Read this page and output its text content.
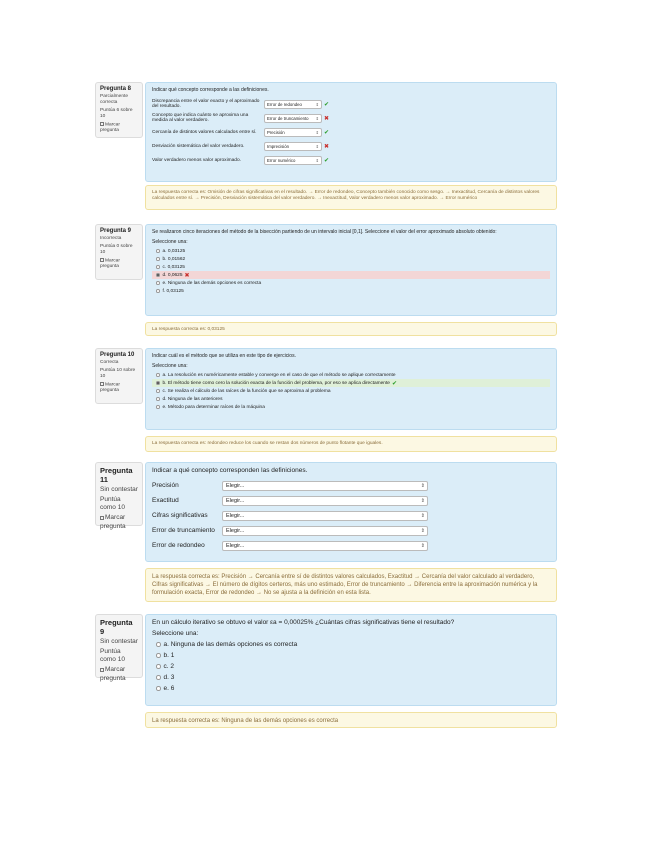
Pregunta 8
Parcialmente correcta
Puntúa 6 sobre 10
Marcar pregunta
Indicar qué concepto corresponde a las definiciones.
Discrepancia entre el valor exacto y el aproximado del resultado.	Error de redondeo	⇕ ✔
Concepto que indica cuánto se aproxima una medida al valor verdadero.	Error de truncamiento ⇕ ✖
Cercanía de distintos valores calculados entre sí.	Precisión	⇕ ✔
Desviación sistemática del valor verdadero.	Imprecisión	⇕ ✖
Valor verdadero menos valor aproximado.	Error numérico	⇕ ✔
La respuesta correcta es: Omisión de cifras significativas en el resultado. → Error de redondeo, Concepto también conocido como sesgo. → Inexactitud, Cercanía de distintos valores calculados entre sí. → Precisión, Desviación sistemática del valor verdadero. → Inexactitud, Valor verdadero menos valor aproximado. → Error numérico
Pregunta 9
Incorrecta
Puntúa 0 sobre 10
Marcar pregunta
Se realizaron cinco iteraciones del método de la bisección partiendo de un intervalo inicial [0,1]. Seleccione el valor del error aproximado absoluto obtenido:
Seleccione una:
a. 0,03125
b. 0,01562
c. 0,03125
d. 0,0625 ✖
e. Ninguna de las demás opciones es correcta
f. 0,03125
La respuesta correcta es: 0,03125
Pregunta 10
Correcta
Puntúa 10 sobre 10
Marcar pregunta
Indicar cuál es el método que se utiliza en este tipo de ejercicios.
Seleccione una:
a. La resolución es numéricamente estable y converge en el caso de que el método se aplique correctamente
b. El método tiene como cero la solución exacta de la función del problema, por eso se aplica directamente ✔
c. Se realiza el cálculo de las raíces de la función que se aproxima al problema
d. Ninguna de las anteriores
e. Método para determinar raíces de la máquina
La respuesta correcta es: redondeo reduce los cuando se restan dos números de punto flotante que iguales.
Pregunta 11
Sin contestar
Puntúa como 10
Marcar pregunta
Indicar a qué concepto corresponden las definiciones.
Precisión	Elegir...	⇕
Exactitud	Elegir...	⇕
Cifras significativas	Elegir...	⇕
Error de truncamiento	Elegir...	⇕
Error de redondeo	Elegir...	⇕
La respuesta correcta es: Precisión → Cercanía entre sí de distintos valores calculados, Exactitud → Cercanía del valor calculado al verdadero, Cifras significativas → El número de dígitos certeros, más uno estimado, Error de truncamiento → Diferencia entre la aproximación numérica y la formulación exacta, Error de redondeo → No se ajusta a la definición en esta lista.
Pregunta 9
Sin contestar
Puntúa como 10
Marcar pregunta
En un cálculo iterativo se obtuvo el valor εa = 0,00025% ¿Cuántas cifras significativas tiene el resultado?
Seleccione una:
a. Ninguna de las demás opciones es correcta
b. 1
c. 2
d. 3
e. 6
La respuesta correcta es: Ninguna de las demás opciones es correcta
